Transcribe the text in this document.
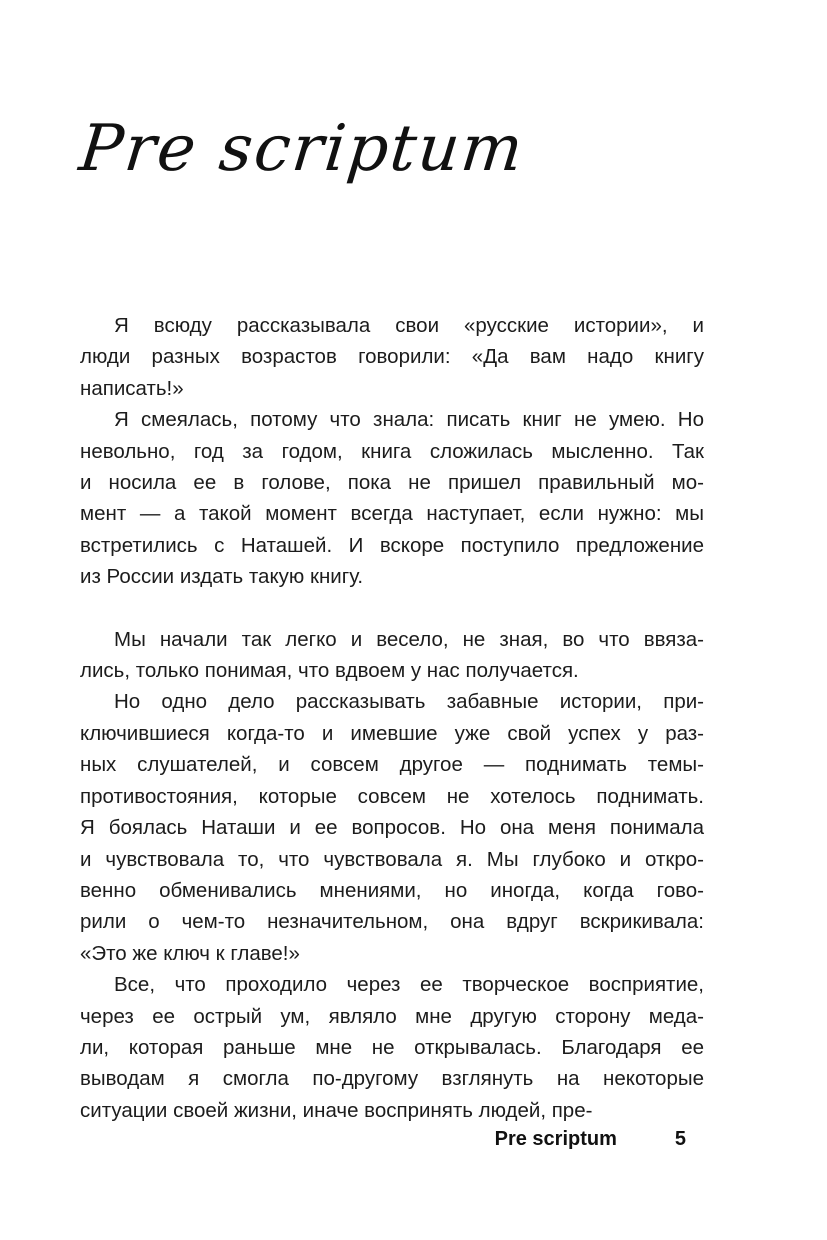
Pre scriptum
Я всюду рассказывала свои «русские истории», и
люди разных возрастов говорили: «Да вам надо книгу
написать!»
Я смеялась, потому что знала: писать книг не умею. Но
невольно, год за годом, книга сложилась мысленно. Так
и носила ее в голове, пока не пришел правильный мо-
мент — а такой момент всегда наступает, если нужно: мы
встретились с Наташей. И вскоре поступило предложение
из России издать такую книгу.
Мы начали так легко и весело, не зная, во что ввяза-
лись, только понимая, что вдвоем у нас получается.
Но одно дело рассказывать забавные истории, при-
ключившиеся когда-то и имевшие уже свой успех у раз-
ных слушателей, и совсем другое — поднимать темы-
противостояния, которые совсем не хотелось поднимать.
Я боялась Наташи и ее вопросов. Но она меня понимала
и чувствовала то, что чувствовала я. Мы глубоко и откро-
венно обменивались мнениями, но иногда, когда гово-
рили о чем-то незначительном, она вдруг вскрикивала:
«Это же ключ к главе!»
Все, что проходило через ее творческое восприятие,
через ее острый ум, являло мне другую сторону меда-
ли, которая раньше мне не открывалась. Благодаря ее
выводам я смогла по-другому взглянуть на некоторые
ситуации своей жизни, иначе воспринять людей, пре-
Pre scriptum	5
